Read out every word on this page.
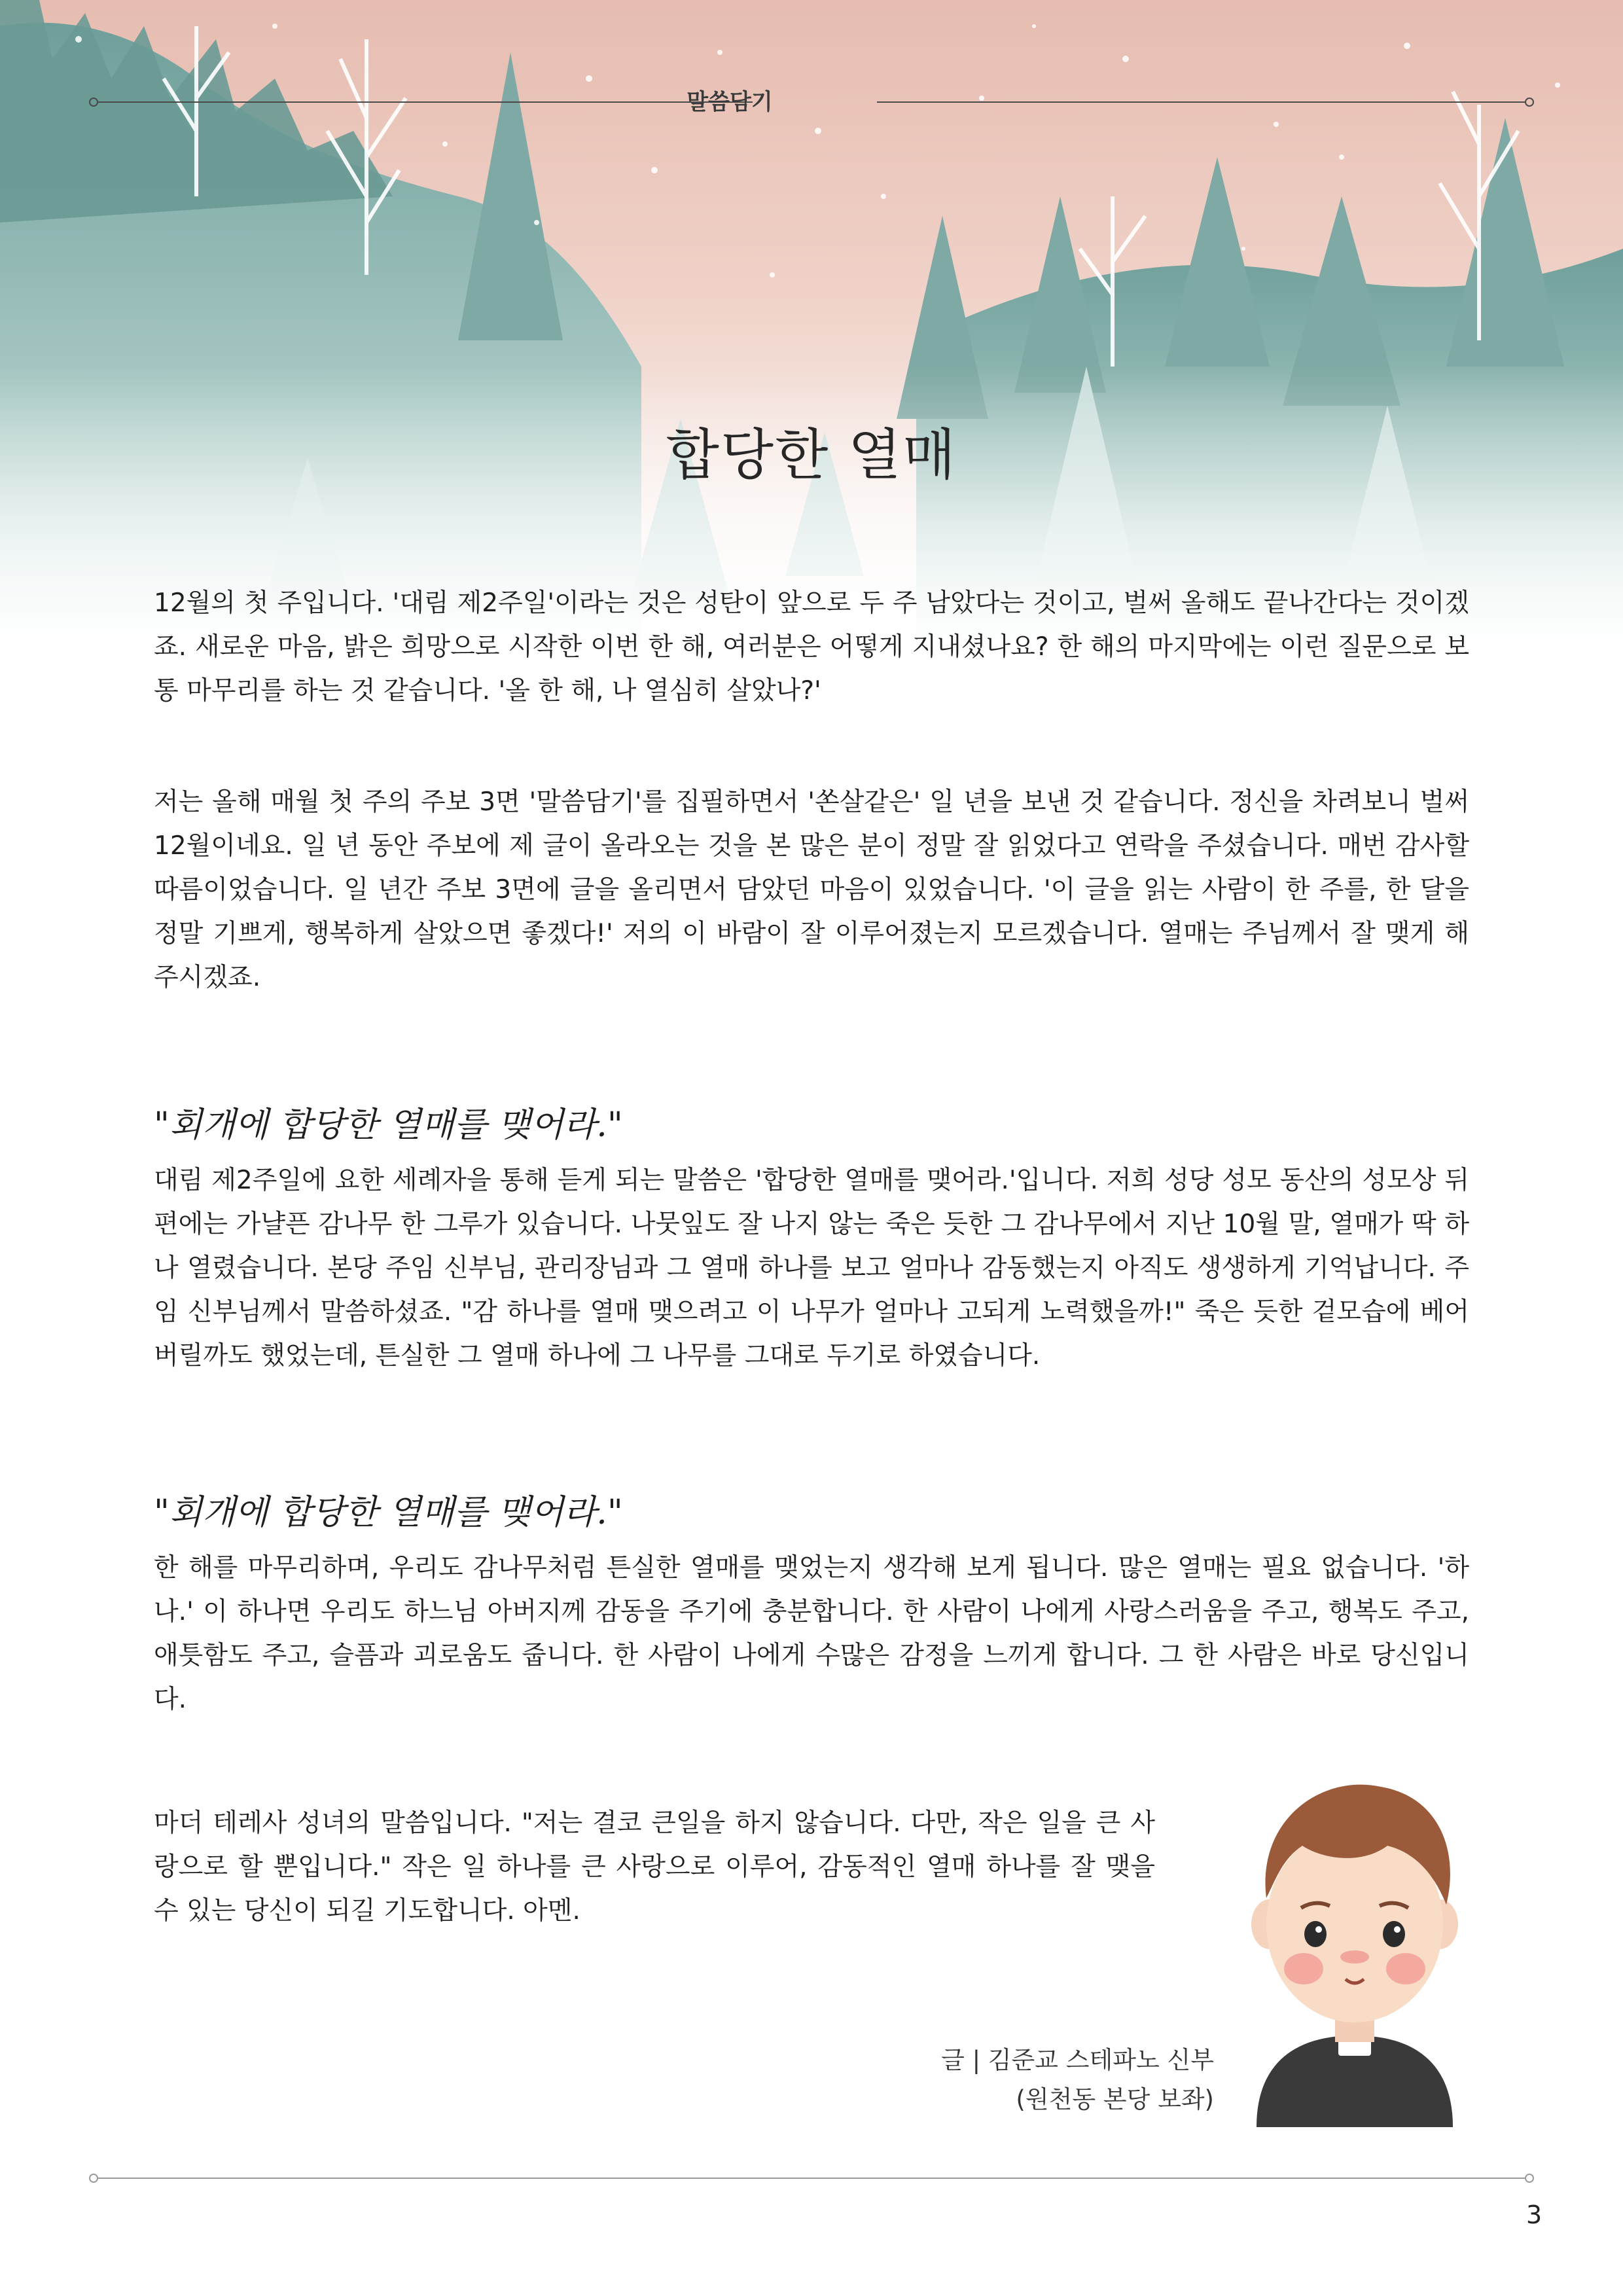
말씀담기
합당한 열매
12월의 첫 주입니다. '대림 제2주일'이라는 것은 성탄이 앞으로 두 주 남았다는 것이고, 벌써 올해도 끝나간다는 것이겠죠. 새로운 마음, 밝은 희망으로 시작한 이번 한 해, 여러분은 어떻게 지내셨나요? 한 해의 마지막에는 이런 질문으로 보통 마무리를 하는 것 같습니다. '올 한 해, 나 열심히 살았나?'
저는 올해 매월 첫 주의 주보 3면 '말씀담기'를 집필하면서 '쏜살같은' 일 년을 보낸 것 같습니다. 정신을 차려보니 벌써 12월이네요. 일 년 동안 주보에 제 글이 올라오는 것을 본 많은 분이 정말 잘 읽었다고 연락을 주셨습니다. 매번 감사할 따름이었습니다. 일 년간 주보 3면에 글을 올리면서 담았던 마음이 있었습니다. '이 글을 읽는 사람이 한 주를, 한 달을 정말 기쁘게, 행복하게 살았으면 좋겠다!' 저의 이 바람이 잘 이루어졌는지 모르겠습니다. 열매는 주님께서 잘 맺게 해 주시겠죠.
"회개에 합당한 열매를 맺어라."
대림 제2주일에 요한 세례자을 통해 듣게 되는 말씀은 '합당한 열매를 맺어라.'입니다. 저희 성당 성모 동산의 성모상 뒤편에는 가냘픈 감나무 한 그루가 있습니다. 나뭇잎도 잘 나지 않는 죽은 듯한 그 감나무에서 지난 10월 말, 열매가 딱 하나 열렸습니다. 본당 주임 신부님, 관리장님과 그 열매 하나를 보고 얼마나 감동했는지 아직도 생생하게 기억납니다. 주임 신부님께서 말씀하셨죠. "감 하나를 열매 맺으려고 이 나무가 얼마나 고되게 노력했을까!" 죽은 듯한 겉모습에 베어 버릴까도 했었는데, 튼실한 그 열매 하나에 그 나무를 그대로 두기로 하였습니다.
"회개에 합당한 열매를 맺어라."
한 해를 마무리하며, 우리도 감나무처럼 튼실한 열매를 맺었는지 생각해 보게 됩니다. 많은 열매는 필요 없습니다. '하나.' 이 하나면 우리도 하느님 아버지께 감동을 주기에 충분합니다. 한 사람이 나에게 사랑스러움을 주고, 행복도 주고, 애틋함도 주고, 슬픔과 괴로움도 줍니다. 한 사람이 나에게 수많은 감정을 느끼게 합니다. 그 한 사람은 바로 당신입니다.
마더 테레사 성녀의 말씀입니다. "저는 결코 큰일을 하지 않습니다. 다만, 작은 일을 큰 사랑으로 할 뿐입니다." 작은 일 하나를 큰 사랑으로 이루어, 감동적인 열매 하나를 잘 맺을 수 있는 당신이 되길 기도합니다. 아멘.
글 | 김준교 스테파노 신부
(원천동 본당 보좌)
3
